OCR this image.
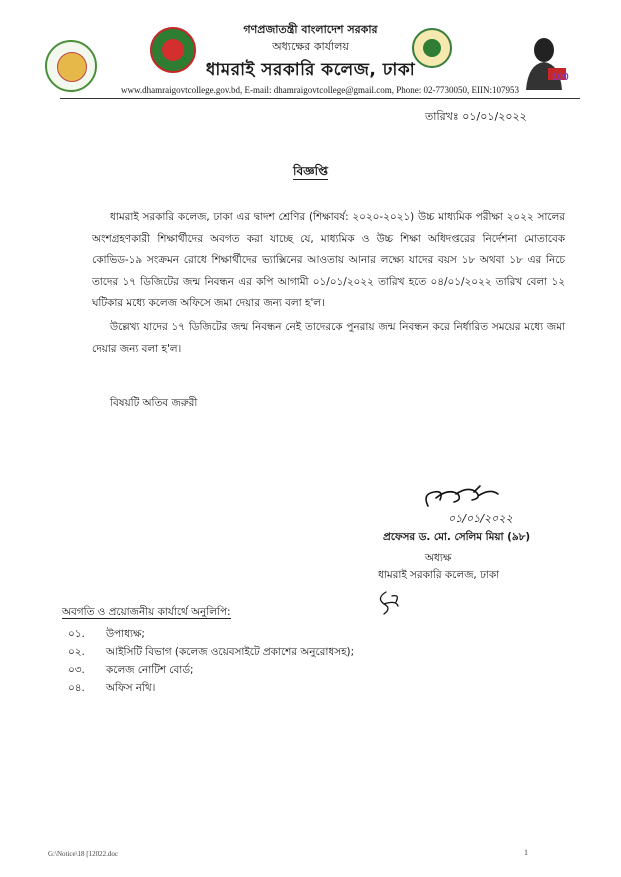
100
গণপ্রজাতন্ত্রী বাংলাদেশ সরকার
অধ্যক্ষের কার্যালয়
ধামরাই সরকারি কলেজ, ঢাকা
www.dhamraigovtcollege.gov.bd, E-mail: dhamraigovtcollege@gmail.com, Phone: 02-7730050, EIIN:107953
তারিখঃ ০১/০১/২০২২
বিজ্ঞপ্তি
ধামরাই সরকারি কলেজ, ঢাকা এর দ্বাদশ শ্রেণির (শিক্ষাবর্ষ: ২০২০-২০২১) উচ্চ মাধ্যমিক পরীক্ষা ২০২২ সালের অংশগ্রহণকারী শিক্ষার্থীদের অবগত করা যাচ্ছে যে, মাধ্যমিক ও উচ্চ শিক্ষা অধিদপ্তরের নির্দেশনা মোতাবেক কোভিড-১৯ সংক্রমন রোধে শিক্ষার্থীদের ভ্যাক্সিনের আওতায় আনার লক্ষ্যে যাদের বয়স ১৮ অথবা ১৮ এর নিচে তাদের ১৭ ডিজিটের জন্ম নিবন্ধন এর কপি আগামী ০১/০১/২০২২ তারিখ হতে ০৪/০১/২০২২ তারিখ বেলা ১২ ঘটিকার মধ্যে কলেজ অফিসে জমা দেয়ার জন্য বলা হ'ল।
উল্লেখ্য যাদের ১৭ ডিজিটের জন্ম নিবন্ধন নেই তাদেরকে পুনরায় জন্ম নিবন্ধন করে নির্ধারিত সময়ের মধ্যে জমা দেয়ার জন্য বলা হ'ল।
বিষয়টি অতিব জরুরী
০১/০১/২০২২
প্রফেসর ড. মো. সেলিম মিয়া (৯৮)
অধ্যক্ষ
ধামরাই সরকারি কলেজ, ঢাকা
অবগতি ও প্রয়োজনীয় কার্যার্থে অনুলিপি:
০১. উপাধ্যক্ষ;
০২. আইসিটি বিভাগ (কলেজ ওয়েবসাইটে প্রকাশের অনুরোধসহ);
০৩. কলেজ নোটিশ বোর্ড;
০৪. অফিস নথি।
G:\Notice\18 [12022.doc	1
